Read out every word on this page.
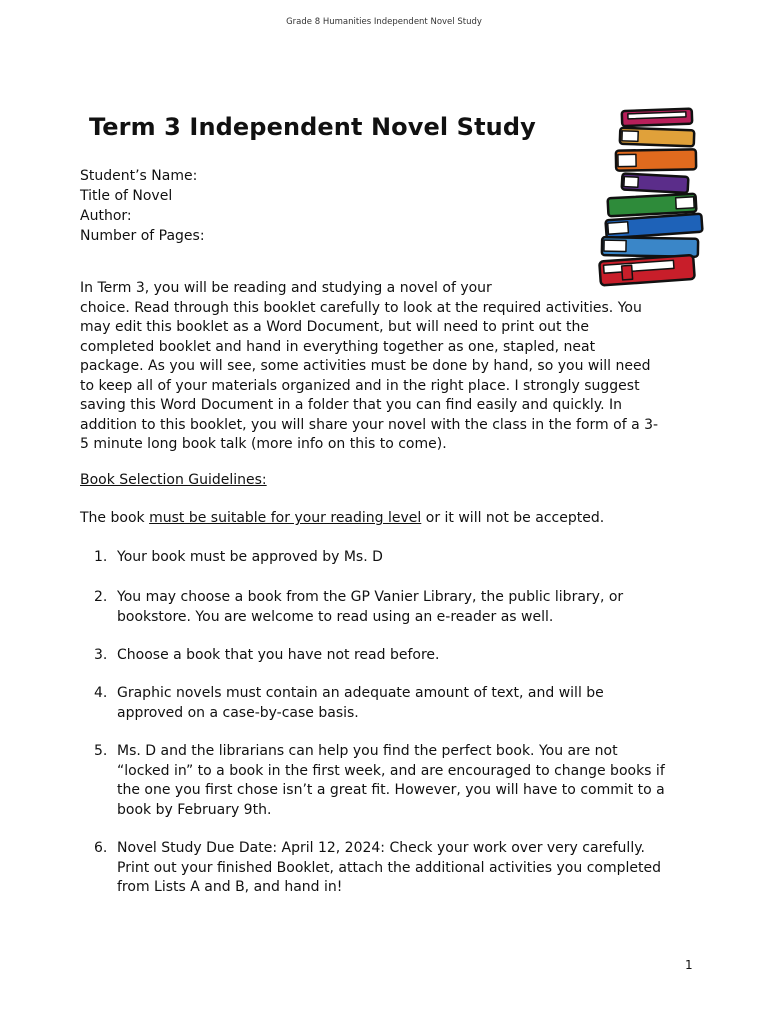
Grade 8 Humanities Independent Novel Study
Term 3 Independent Novel Study
Student’s Name:
Title of Novel
Author:
Number of Pages:
In Term 3, you will be reading and studying a novel of your
choice. Read through this booklet carefully to look at the required activities. You
may edit this booklet as a Word Document, but will need to print out the
completed booklet and hand in everything together as one, stapled, neat
package. As you will see, some activities must be done by hand, so you will need
to keep all of your materials organized and in the right place. I strongly suggest
saving this Word Document in a folder that you can find easily and quickly. In
addition to this booklet, you will share your novel with the class in the form of a 3-
5 minute long book talk (more info on this to come).
Book Selection Guidelines:
The book must be suitable for your reading level or it will not be accepted.
1. Your book must be approved by Ms. D
2. You may choose a book from the GP Vanier Library, the public library, or
bookstore. You are welcome to read using an e-reader as well.
3. Choose a book that you have not read before.
4. Graphic novels must contain an adequate amount of text, and will be
approved on a case-by-case basis.
5. Ms. D and the librarians can help you find the perfect book. You are not
“locked in” to a book in the first week, and are encouraged to change books if
the one you first chose isn’t a great fit. However, you will have to commit to a
book by February 9th.
6. Novel Study Due Date: April 12, 2024: Check your work over very carefully.
Print out your finished Booklet, attach the additional activities you completed
from Lists A and B, and hand in!
1
